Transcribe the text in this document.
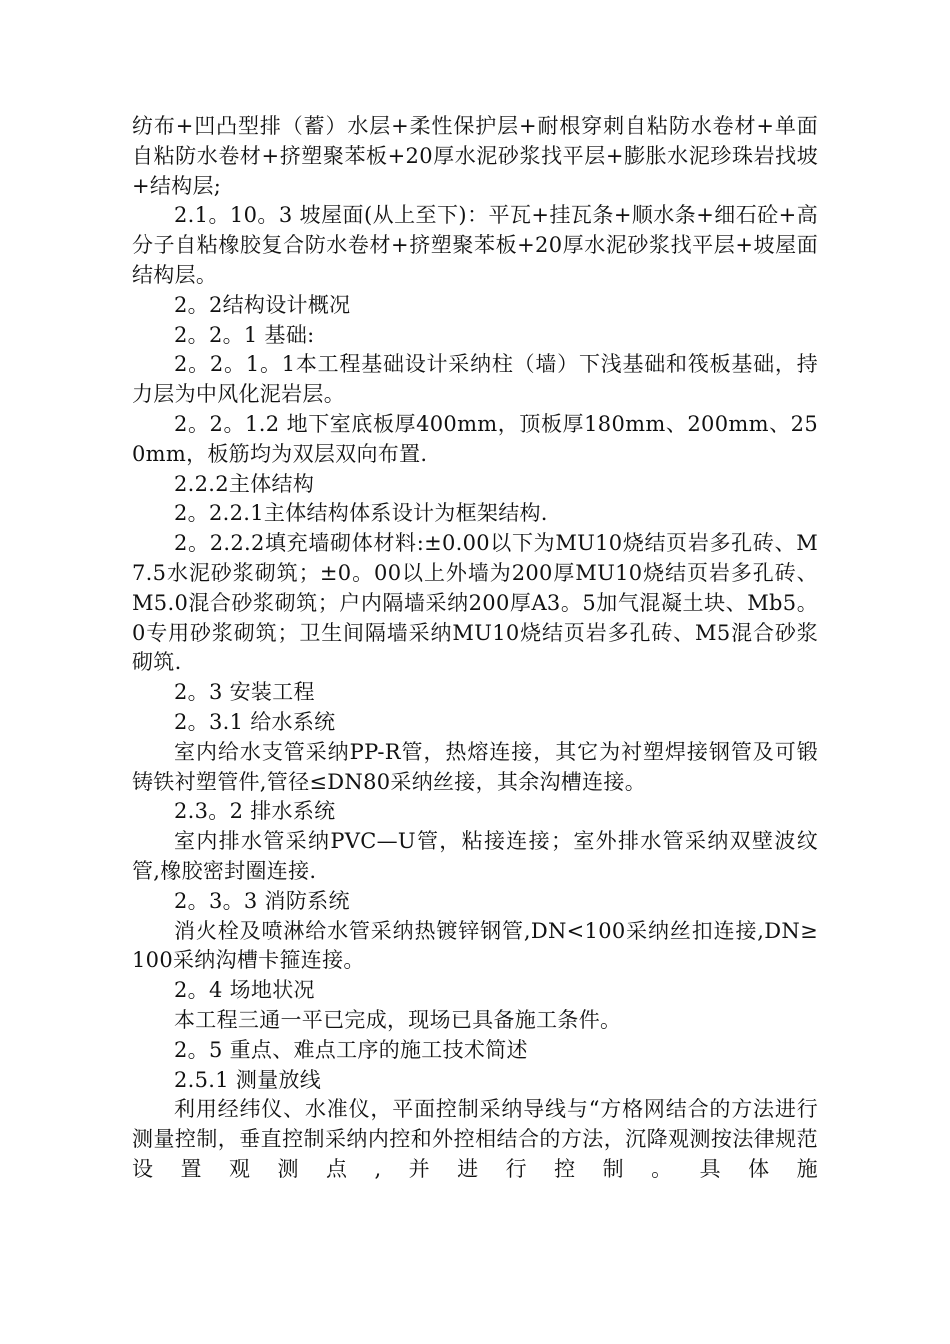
纺布+凹凸型排（蓄）水层+柔性保护层+耐根穿刺自粘防水卷材+单面自粘防水卷材+挤塑聚苯板+20厚水泥砂浆找平层+膨胀水泥珍珠岩找坡+结构层;

2.1。10。3 坡屋面(从上至下)：平瓦+挂瓦条+顺水条+细石砼+高分子自粘橡胶复合防水卷材+挤塑聚苯板+20厚水泥砂浆找平层+坡屋面结构层。

2。2结构设计概况

2。2。1 基础:

2。2。1。1本工程基础设计采纳柱（墙）下浅基础和筏板基础，持力层为中风化泥岩层。

2。2。1.2 地下室底板厚400mm，顶板厚180mm、200mm、250mm，板筋均为双层双向布置.

2.2.2主体结构

2。2.2.1主体结构体系设计为框架结构.

2。2.2.2填充墙砌体材料:±0.00以下为MU10烧结页岩多孔砖、M7.5水泥砂浆砌筑；±0。00以上外墙为200厚MU10烧结页岩多孔砖、M5.0混合砂浆砌筑；户内隔墙采纳200厚A3。5加气混凝土块、Mb5。0专用砂浆砌筑；卫生间隔墙采纳MU10烧结页岩多孔砖、M5混合砂浆砌筑.

2。3 安装工程

2。3.1 给水系统

室内给水支管采纳PP-R管，热熔连接，其它为衬塑焊接钢管及可锻铸铁衬塑管件,管径≤DN80采纳丝接，其余沟槽连接。

2.3。2 排水系统

室内排水管采纳PVC—U管，粘接连接；室外排水管采纳双壁波纹管,橡胶密封圈连接.

2。3。3 消防系统

消火栓及喷淋给水管采纳热镀锌钢管,DN<100采纳丝扣连接,DN≥100采纳沟槽卡箍连接。

2。4 场地状况

本工程三通一平已完成，现场已具备施工条件。

2。5 重点、难点工序的施工技术简述

2.5.1 测量放线

利用经纬仪、水准仪，平面控制采纳导线与“方格网结合的方法进行测量控制，垂直控制采纳内控和外控相结合的方法，沉降观测按法律规范设置观测点,并进行控制。具体施
